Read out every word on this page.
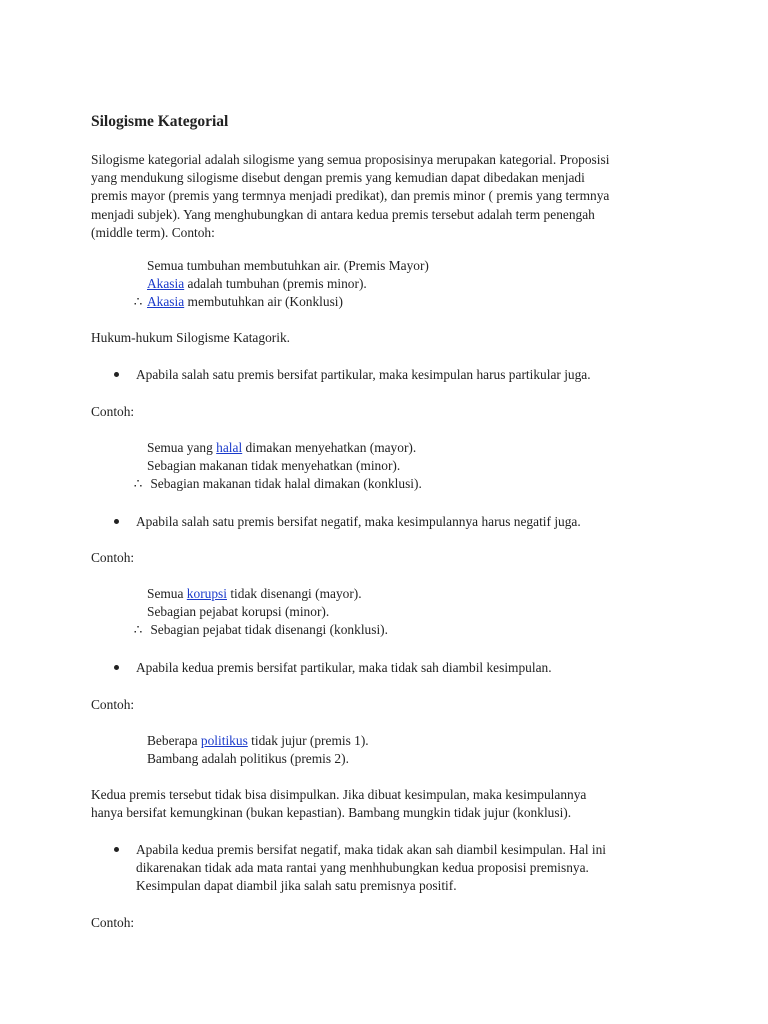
Silogisme Kategorial
Silogisme kategorial adalah silogisme yang semua proposisinya merupakan kategorial. Proposisi
yang mendukung silogisme disebut dengan premis yang kemudian dapat dibedakan menjadi
premis mayor (premis yang termnya menjadi predikat), dan premis minor ( premis yang termnya
menjadi subjek). Yang menghubungkan di antara kedua premis tersebut adalah term penengah
(middle term). Contoh:
Semua tumbuhan membutuhkan air. (Premis Mayor)
Akasia adalah tumbuhan (premis minor).
∴ Akasia membutuhkan air (Konklusi)
Hukum-hukum Silogisme Katagorik.
Apabila salah satu premis bersifat partikular, maka kesimpulan harus partikular juga.
Contoh:
Semua yang halal dimakan menyehatkan (mayor).
Sebagian makanan tidak menyehatkan (minor).
∴ Sebagian makanan tidak halal dimakan (konklusi).
Apabila salah satu premis bersifat negatif, maka kesimpulannya harus negatif juga.
Contoh:
Semua korupsi tidak disenangi (mayor).
Sebagian pejabat korupsi (minor).
∴ Sebagian pejabat tidak disenangi (konklusi).
Apabila kedua premis bersifat partikular, maka tidak sah diambil kesimpulan.
Contoh:
Beberapa politikus tidak jujur (premis 1).
Bambang adalah politikus (premis 2).
Kedua premis tersebut tidak bisa disimpulkan. Jika dibuat kesimpulan, maka kesimpulannya
hanya bersifat kemungkinan (bukan kepastian). Bambang mungkin tidak jujur (konklusi).
Apabila kedua premis bersifat negatif, maka tidak akan sah diambil kesimpulan. Hal ini
dikarenakan tidak ada mata rantai yang menhhubungkan kedua proposisi premisnya.
Kesimpulan dapat diambil jika salah satu premisnya positif.
Contoh:
